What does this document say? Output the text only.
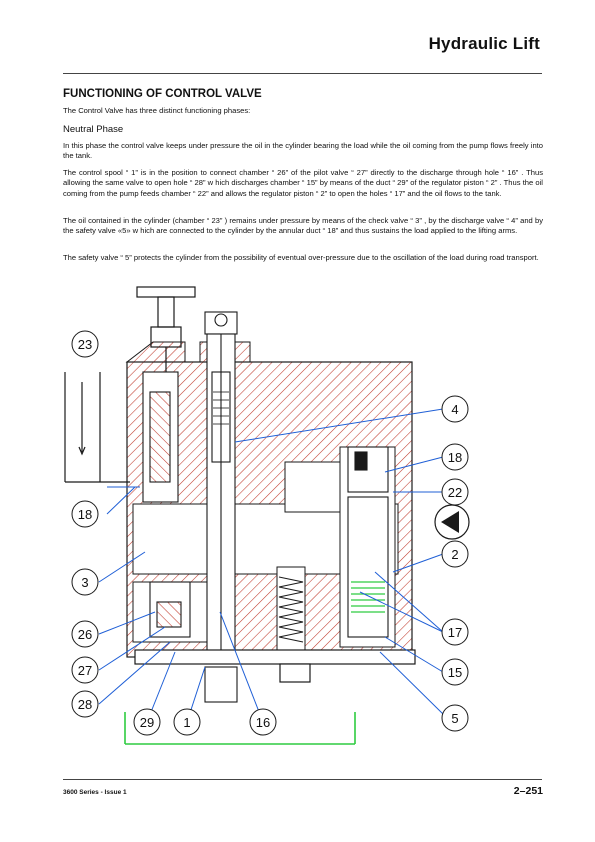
Hydraulic Lift
FUNCTIONING OF CONTROL VALVE
The Control Valve has three distinct functioning phases:
Neutral Phase
In this phase the control valve keeps under pressure the oil in the cylinder bearing the load while the oil coming from the pump flows freely into the tank.
The control spool “ 1” is in the position to connect chamber “ 26” of the pilot valve “ 27” directly to the discharge through hole “ 16” . Thus allowing the same valve to open hole “ 28” w hich discharges chamber “ 15” by means of the duct “ 29” of the regulator piston “ 2” . Thus the oil coming from the pump feeds chamber “ 22” and allows the regulator piston “ 2” to open the holes “ 17” and the oil flows to the tank.
The oil contained in the cylinder (chamber “ 23” ) remains under pressure by means of the check valve “ 3” , by the discharge valve “ 4” and by the safety valve «5» w hich are connected to the cylinder by the annular duct “ 18” and thus sustains the load applied to the lifting arms.
The safety valve “ 5” protects the cylinder from the possibility of eventual over-pressure due to the oscillation of the load during road transport.
23
18
3
26
27
28
29 1	16
4
18
22
2
17
15
5
3600 Series - Issue 1	2–251
